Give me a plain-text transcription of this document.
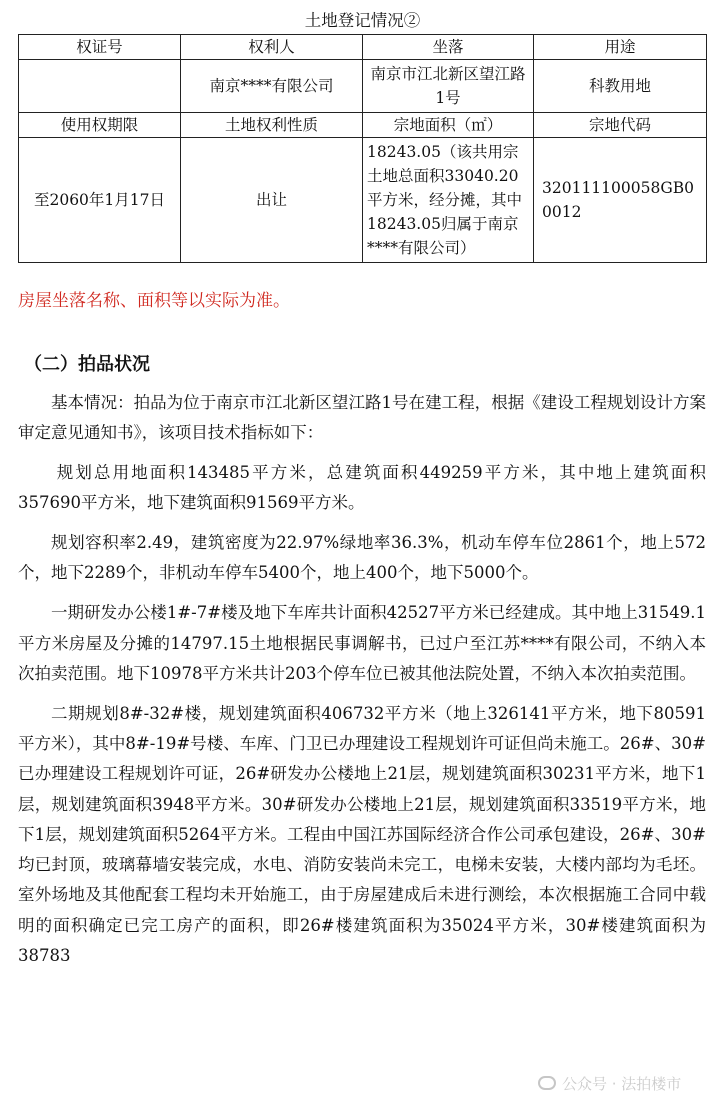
土地登记情况②			
权证号	权利人	坐落	用途
	南京****有限公司	南京市江北新区望江路1号	科教用地
使用权期限	土地权利性质	宗地面积（㎡）	宗地代码
至2060年1月17日	出让	18243.05（该共用宗土地总面积33040.20平方米，经分摊，其中18243.05归属于南京****有限公司）	320111100058GB00012
房屋坐落名称、面积等以实际为准。
（二）拍品状况

基本情况：拍品为位于南京市江北新区望江路1号在建工程，根据《建设工程规划设计方案审定意见通知书》，该项目技术指标如下：

规划总用地面积143485平方米，总建筑面积449259平方米，其中地上建筑面积357690平方米，地下建筑面积91569平方米。

规划容积率2.49，建筑密度为22.97%绿地率36.3%，机动车停车位2861个，地上572个，地下2289个，非机动车停车5400个，地上400个，地下5000个。

一期研发办公楼1#-7#楼及地下车库共计面积42527平方米已经建成。其中地上31549.1平方米房屋及分摊的14797.15土地根据民事调解书，已过户至江苏****有限公司，不纳入本次拍卖范围。地下10978平方米共计203个停车位已被其他法院处置，不纳入本次拍卖范围。

二期规划8#-32#楼，规划建筑面积406732平方米（地上326141平方米，地下80591平方米），其中8#-19#号楼、车库、门卫已办理建设工程规划许可证但尚未施工。26#、30#已办理建设工程规划许可证，26#研发办公楼地上21层，规划建筑面积30231平方米，地下1层，规划建筑面积3948平方米。30#研发办公楼地上21层，规划建筑面积33519平方米，地下1层，规划建筑面积5264平方米。工程由中国江苏国际经济合作公司承包建设，26#、30#均已封顶，玻璃幕墙安装完成，水电、消防安装尚未完工，电梯未安装，大楼内部均为毛坯。室外场地及其他配套工程均未开始施工，由于房屋建成后未进行测绘，本次根据施工合同中载明的面积确定已完工房产的面积，即26#楼建筑面积为35024平方米，30#楼建筑面积为38783

公众号 · 法拍楼市
